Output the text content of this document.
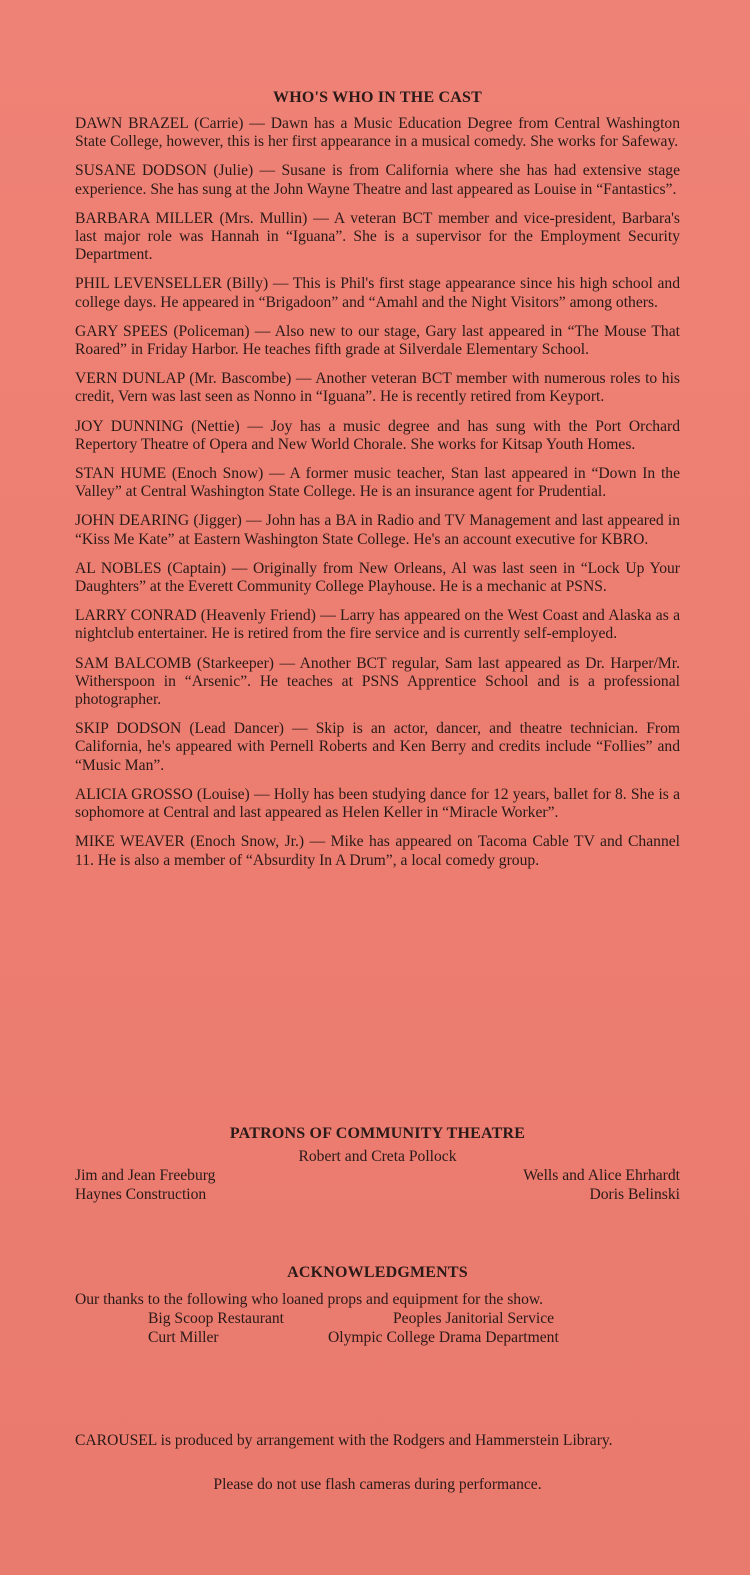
WHO'S WHO IN THE CAST

DAWN BRAZEL (Carrie) — Dawn has a Music Education Degree from Central Washington State College, however, this is her first appearance in a musical comedy. She works for Safeway.

SUSANE DODSON (Julie) — Susane is from California where she has had extensive stage experience. She has sung at the John Wayne Theatre and last appeared as Louise in “Fantastics”.

BARBARA MILLER (Mrs. Mullin) — A veteran BCT member and vice-president, Barbara's last major role was Hannah in “Iguana”. She is a supervisor for the Employment Security Department.

PHIL LEVENSELLER (Billy) — This is Phil's first stage appearance since his high school and college days. He appeared in “Brigadoon” and “Amahl and the Night Visitors” among others.

GARY SPEES (Policeman) — Also new to our stage, Gary last appeared in “The Mouse That Roared” in Friday Harbor. He teaches fifth grade at Silverdale Elementary School.

VERN DUNLAP (Mr. Bascombe) — Another veteran BCT member with numerous roles to his credit, Vern was last seen as Nonno in “Iguana”. He is recently retired from Keyport.

JOY DUNNING (Nettie) — Joy has a music degree and has sung with the Port Orchard Repertory Theatre of Opera and New World Chorale. She works for Kitsap Youth Homes.

STAN HUME (Enoch Snow) — A former music teacher, Stan last appeared in “Down In the Valley” at Central Washington State College. He is an insurance agent for Prudential.

JOHN DEARING (Jigger) — John has a BA in Radio and TV Management and last appeared in “Kiss Me Kate” at Eastern Washington State College. He's an account executive for KBRO.

AL NOBLES (Captain) — Originally from New Orleans, Al was last seen in “Lock Up Your Daughters” at the Everett Community College Playhouse. He is a mechanic at PSNS.

LARRY CONRAD (Heavenly Friend) — Larry has appeared on the West Coast and Alaska as a nightclub entertainer. He is retired from the fire service and is currently self-employed.

SAM BALCOMB (Starkeeper) — Another BCT regular, Sam last appeared as Dr. Harper/Mr. Witherspoon in “Arsenic”. He teaches at PSNS Apprentice School and is a professional photographer.

SKIP DODSON (Lead Dancer) — Skip is an actor, dancer, and theatre technician. From California, he's appeared with Pernell Roberts and Ken Berry and credits include “Follies” and “Music Man”.

ALICIA GROSSO (Louise) — Holly has been studying dance for 12 years, ballet for 8. She is a sophomore at Central and last appeared as Helen Keller in “Miracle Worker”.

MIKE WEAVER (Enoch Snow, Jr.) — Mike has appeared on Tacoma Cable TV and Channel 11. He is also a member of “Absurdity In A Drum”, a local comedy group.

PATRONS OF COMMUNITY THEATRE
Robert and Creta Pollock
Jim and Jean Freeburg	Wells and Alice Ehrhardt
Haynes Construction	Doris Belinski
ACKNOWLEDGMENTS

Our thanks to the following who loaned props and equipment for the show.

Big Scoop Restaurant	Peoples Janitorial Service
Curt Miller	Olympic College Drama Department

CAROUSEL is produced by arrangement with the Rodgers and Hammerstein Library.

Please do not use flash cameras during performance.
